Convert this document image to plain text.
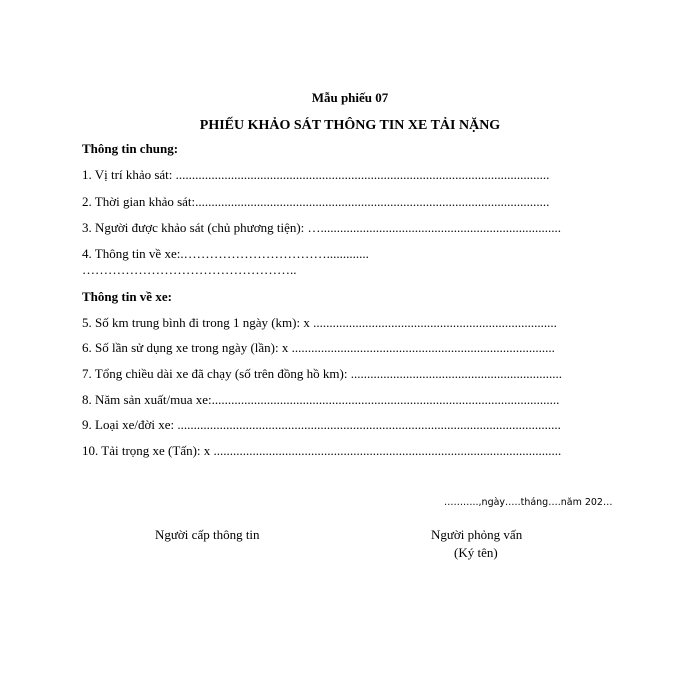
Mẫu phiếu 07
PHIẾU KHẢO SÁT THÔNG TIN XE TẢI NẶNG
Thông tin chung:
1. Vị trí khảo sát: ...................................................................................................................
2. Thời gian khảo sát:.............................................................................................................
3. Người được khảo sát (chủ phương tiện): …..........................................................................
4. Thông tin về xe:.…………………………….............
…………………………………………..
Thông tin về xe:
5. Số km trung bình đi trong 1 ngày (km): x ...........................................................................
6. Số lần sử dụng xe trong ngày (lần): x .................................................................................
7. Tổng chiều dài xe đã chạy (số trên đồng hồ km): .................................................................
8. Năm sản xuất/mua xe:...........................................................................................................
9. Loại xe/đời xe: ......................................................................................................................
10. Tải trọng xe (Tấn): x ...........................................................................................................
………..,ngày…..tháng….năm 202…
Người cấp thông tin	Người phỏng vấn
(Ký tên)
